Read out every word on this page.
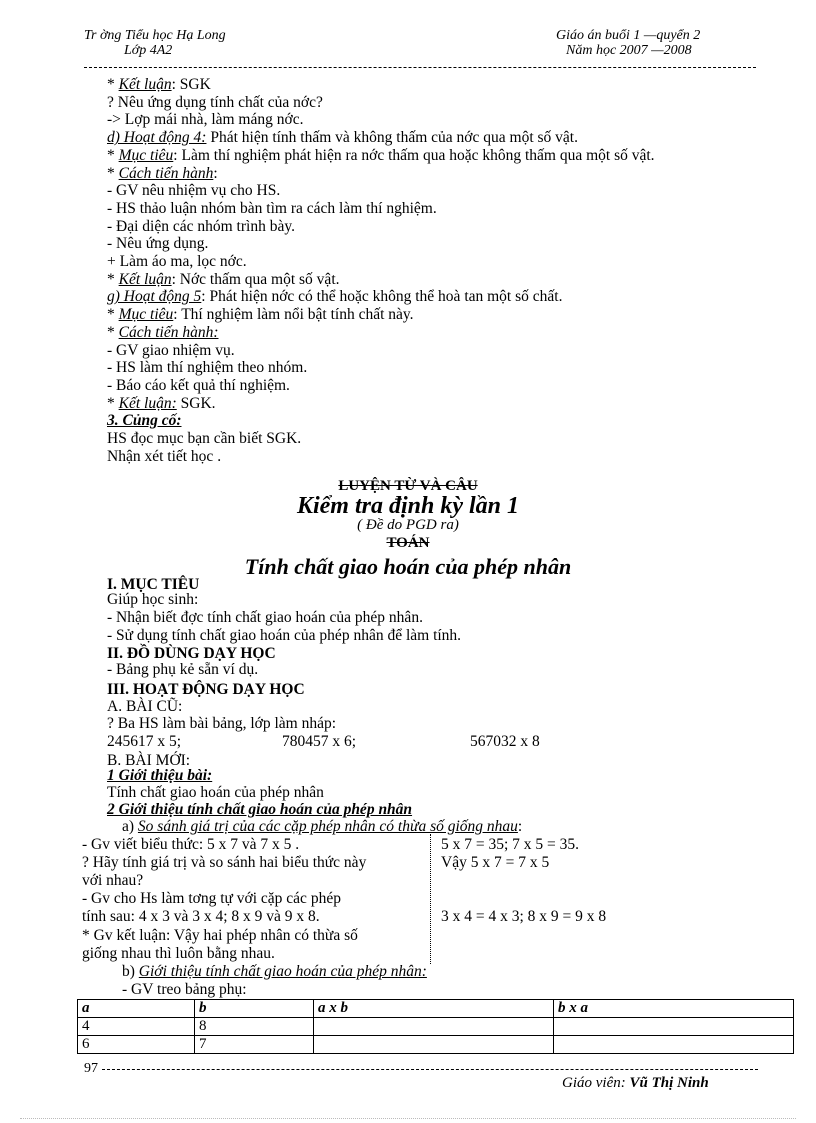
Tr ờng Tiểu học Hạ Long
Lớp 4A2
Giáo án buổi 1 —quyển 2
Năm học 2007 —2008
* Kết luận: SGK
? Nêu ứng dụng tính chất của nớc?
-> Lợp mái nhà, làm máng nớc.
d) Hoạt động 4: Phát hiện tính thấm và không thấm của nớc qua một số vật.
* Mục tiêu: Làm thí nghiệm phát hiện ra nớc thấm qua hoặc không thấm qua một số vật.
* Cách tiến hành:
- GV nêu nhiệm vụ cho HS.
- HS thảo luận nhóm bàn tìm ra cách làm thí nghiệm.
- Đại diện các nhóm trình bày.
- Nêu ứng dụng.
+ Làm áo ma, lọc nớc.
* Kết luận: Nớc thấm qua một số vật.
g) Hoạt động 5: Phát hiện nớc có thể hoặc không thể hoà tan một số chất.
* Mục tiêu: Thí nghiệm làm nổi bật tính chất này.
* Cách tiến hành:
- GV giao nhiệm vụ.
- HS làm thí nghiệm theo nhóm.
- Báo cáo kết quả thí nghiệm.
* Kết luận: SGK.
3. Củng cố:
HS đọc mục bạn cần biết SGK.
Nhận xét tiết học .
LUYỆN TỪ VÀ CÂU
Kiểm tra định kỳ lần 1
( Đề do PGD ra)
TOÁN
Tính chất giao hoán của phép nhân
I. MỤC TIÊU
Giúp học sinh:
- Nhận biết đợc tính chất giao hoán của phép nhân.
- Sử dụng tính chất giao hoán của phép nhân để làm tính.
II. ĐỒ DÙNG DẠY HỌC
- Bảng phụ kẻ sẵn ví dụ.
III. HOẠT ĐỘNG DẠY HỌC
A. BÀI CŨ:
? Ba HS làm bài bảng, lớp làm nháp:
245617 x 5;	780457 x 6;	567032 x 8
B. BÀI MỚI:
1 Giới thiệu bài:
Tính chất giao hoán của phép nhân
2 Giới thiệu tính chất giao hoán của phép nhân
a) So sánh giá trị của các cặp phép nhân có thừa số giống nhau:
- Gv viết biểu thức: 5 x 7 và 7 x 5 .
? Hãy tính giá trị và so sánh hai biểu thức này
với nhau?
- Gv cho Hs làm tơng tự với cặp các phép
tính sau: 4 x 3 và 3 x 4; 8 x 9 và 9 x 8.
* Gv kết luận: Vậy hai phép nhân có thừa số
giống nhau thì luôn bằng nhau.
5 x 7 = 35; 7 x 5 = 35.
Vậy 5 x 7 = 7 x 5
3 x 4 = 4 x 3; 8 x 9 = 9 x 8
b) Giới thiệu tính chất giao hoán của phép nhân:
- GV treo bảng phụ:
a	b	a x b	b x a
4	8		
6	7		
97
Giáo viên: Vũ Thị Ninh
